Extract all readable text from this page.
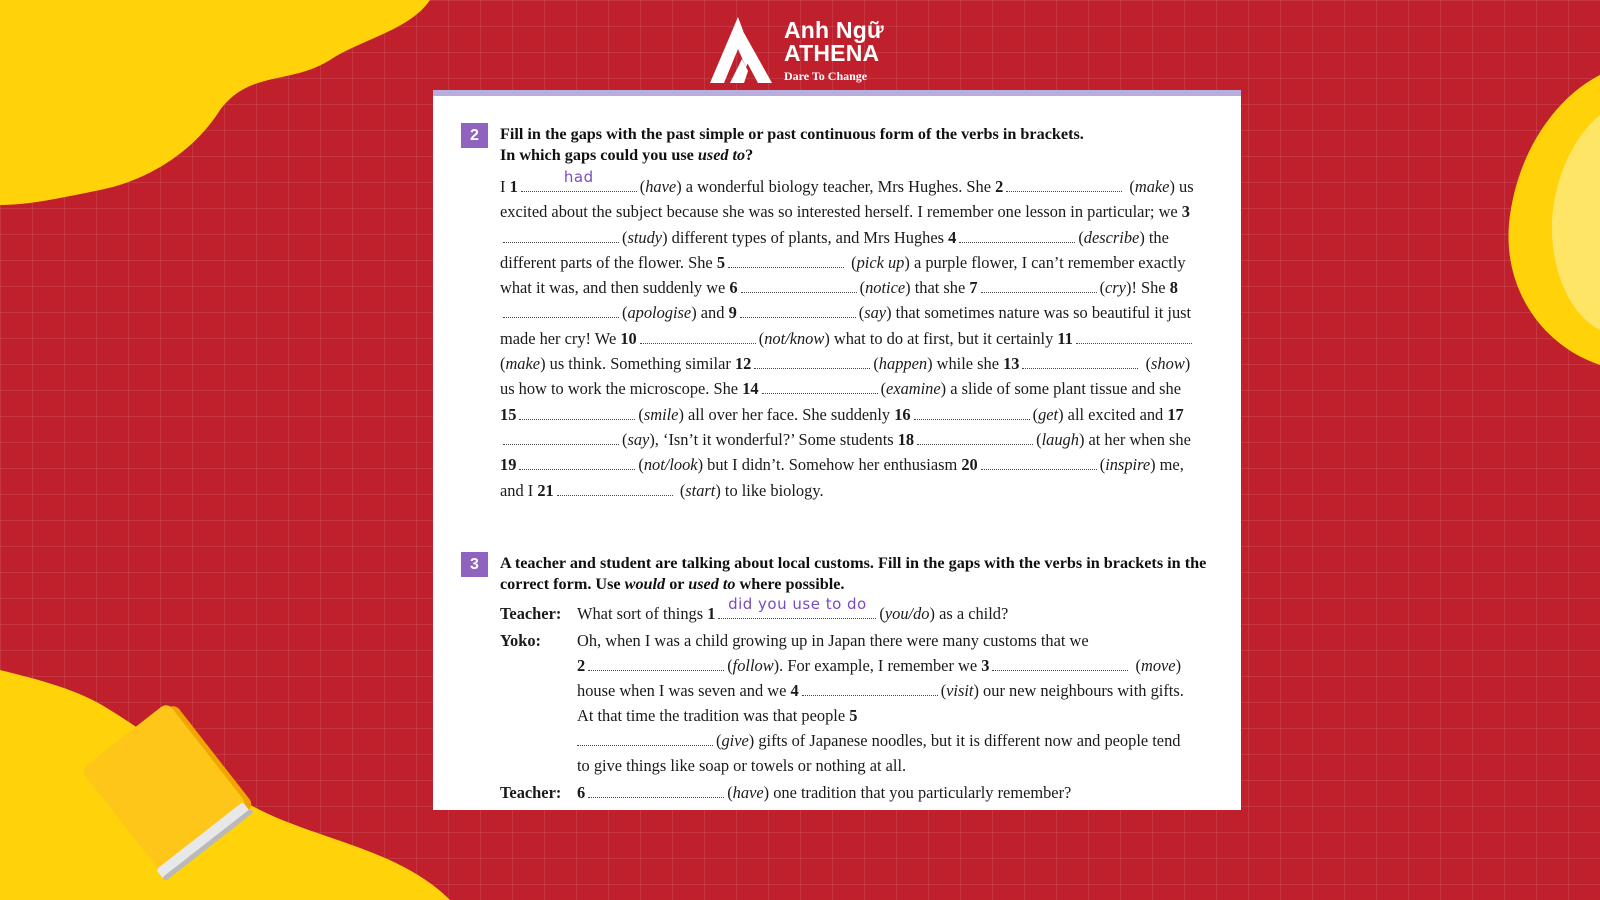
Anh Ngữ
ATHENA
Dare To Change
2	Fill in the gaps with the past simple or past continuous form of the verbs in brackets.
In which gaps could you use used to?
I 1
had
(have) a wonderful biology teacher, Mrs Hughes. She 2	(make) us excited about the subject because she was so interested herself. I remember one lesson in particular; we 3(study) different types of plants, and Mrs Hughes 4	(describe) the different parts of the flower. She 5	(pick up) a purple flower, I can’t remember exactly what it was, and then suddenly we 6	(notice) that she 7	(cry)! She 8(apologise) and 9	(say) that sometimes nature was so beautiful it just made her cry! We 10	(not/know) what to do at first, but it certainly 11(make) us think. Something similar 12	(happen) while she 13	(show) us how to work the microscope. She 14	(examine) a slide of some plant tissue and she 15	(smile) all over her face. She suddenly 16	(get) all excited and 17(say), ‘Isn’t it wonderful?’ Some students 18	(laugh) at her when she 19	(not/look) but I didn’t. Somehow her enthusiasm 20	(inspire) me, and I 21	(start) to like biology.
3	A teacher and student are talking about local customs. Fill in the gaps with the verbs in brackets in the correct form. Use would or used to where possible.
Teacher: What sort of things 1 did you use to do (you/do) as a child?
Yoko:	Oh, when I was a child growing up in Japan there were many customs that we
2	(follow). For example, I remember we 3	(move) house when I was seven and we 4	(visit) our new neighbours with gifts. At that time the tradition was that people 5
(give) gifts of Japanese noodles, but it is different now and people tend to give things like soap or towels or nothing at all.
Teacher: 6	(have) one tradition that you particularly remember?
